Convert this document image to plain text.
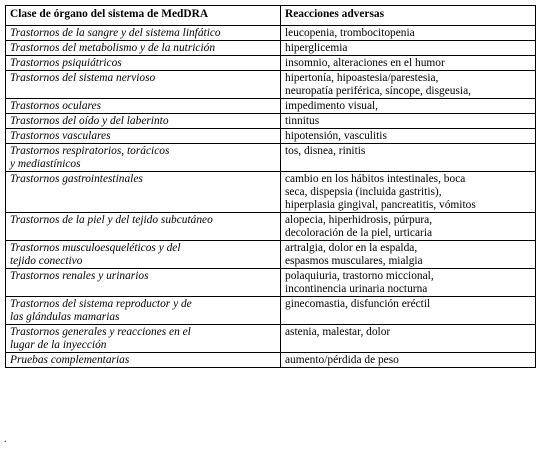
Clase de órgano del sistema de MedDRA	Reacciones adversas

Trastornos de la sangre y del sistema linfático	leucopenia, trombocitopenia

Trastornos del metabolismo y de la nutrición	hiperglicemia

Trastornos psiquiátricos	insomnio, alteraciones en el humor

Trastornos del sistema nervioso	hipertonía, hipoastesia/parestesia,
neuropatía periférica, síncope, disgeusia,

Trastornos oculares	impedimento visual,

Trastornos del oído y del laberinto	tinnitus

Trastornos vasculares	hipotensión, vasculitis

Trastornos respiratorios, torácicos
y mediastínicos	tos, disnea, rinitis

Trastornos gastrointestinales	cambio en los hábitos intestinales, boca
seca, dispepsia (incluida gastritis),
hiperplasia gingival, pancreatitis, vómitos

Trastornos de la piel y del tejido subcutáneo	alopecia, hiperhidrosis, púrpura,
decoloración de la piel, urticaria

Trastornos musculoesqueléticos y del
tejido conectivo	artralgia, dolor en la espalda,
espasmos musculares, mialgia

Trastornos renales y urinarios	polaquiuria, trastorno miccional,
incontinencia urinaria nocturna

Trastornos del sistema reproductor y de
las glándulas mamarias	ginecomastia, disfunción eréctil

Trastornos generales y reacciones en el
lugar de la inyección	astenia, malestar, dolor

Pruebas complementarias	aumento/pérdida de peso
.
